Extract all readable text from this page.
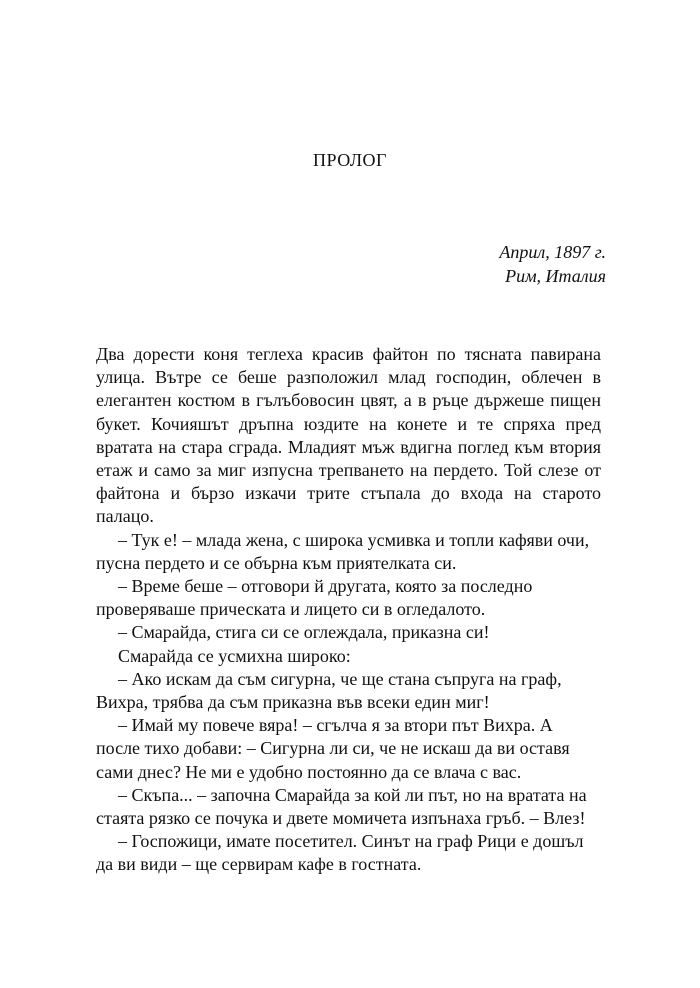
ПРОЛОГ
Април, 1897 г.
Рим, Италия

Два дорести коня теглеха красив файтон по тясната павирана улица. Вътре се беше разположил млад господин, облечен в елегантен костюм в гълъбовосин цвят, а в ръце държеше пищен букет. Кочияшът дръпна юздите на конете и те спряха пред вратата на стара сграда. Младият мъж вдигна поглед към втория етаж и само за миг изпусна трепването на пердето. Той слезе от файтона и бързо изкачи трите стъпала до входа на старото палацо.

– Тук е! – млада жена, с широка усмивка и топли кафяви очи, пусна пердето и се обърна към приятелката си.

– Време беше – отговори й другата, която за последно проверяваше прическата и лицето си в огледалото.

– Смарайда, стига си се оглеждала, приказна си!

Смарайда се усмихна широко:

– Ако искам да съм сигурна, че ще стана съпруга на граф, Вихра, трябва да съм приказна във всеки един миг!

– Имай му повече вяра! – сгълча я за втори път Вихра. А после тихо добави: – Сигурна ли си, че не искаш да ви оставя сами днес? Не ми е удобно постоянно да се влача с вас.

– Скъпа... – започна Смарайда за кой ли път, но на вратата на стаята рязко се почука и двете момичета изпънаха гръб. – Влез!

– Госпожици, имате посетител. Синът на граф Рици е дошъл да ви види – ще сервирам кафе в гостната.
